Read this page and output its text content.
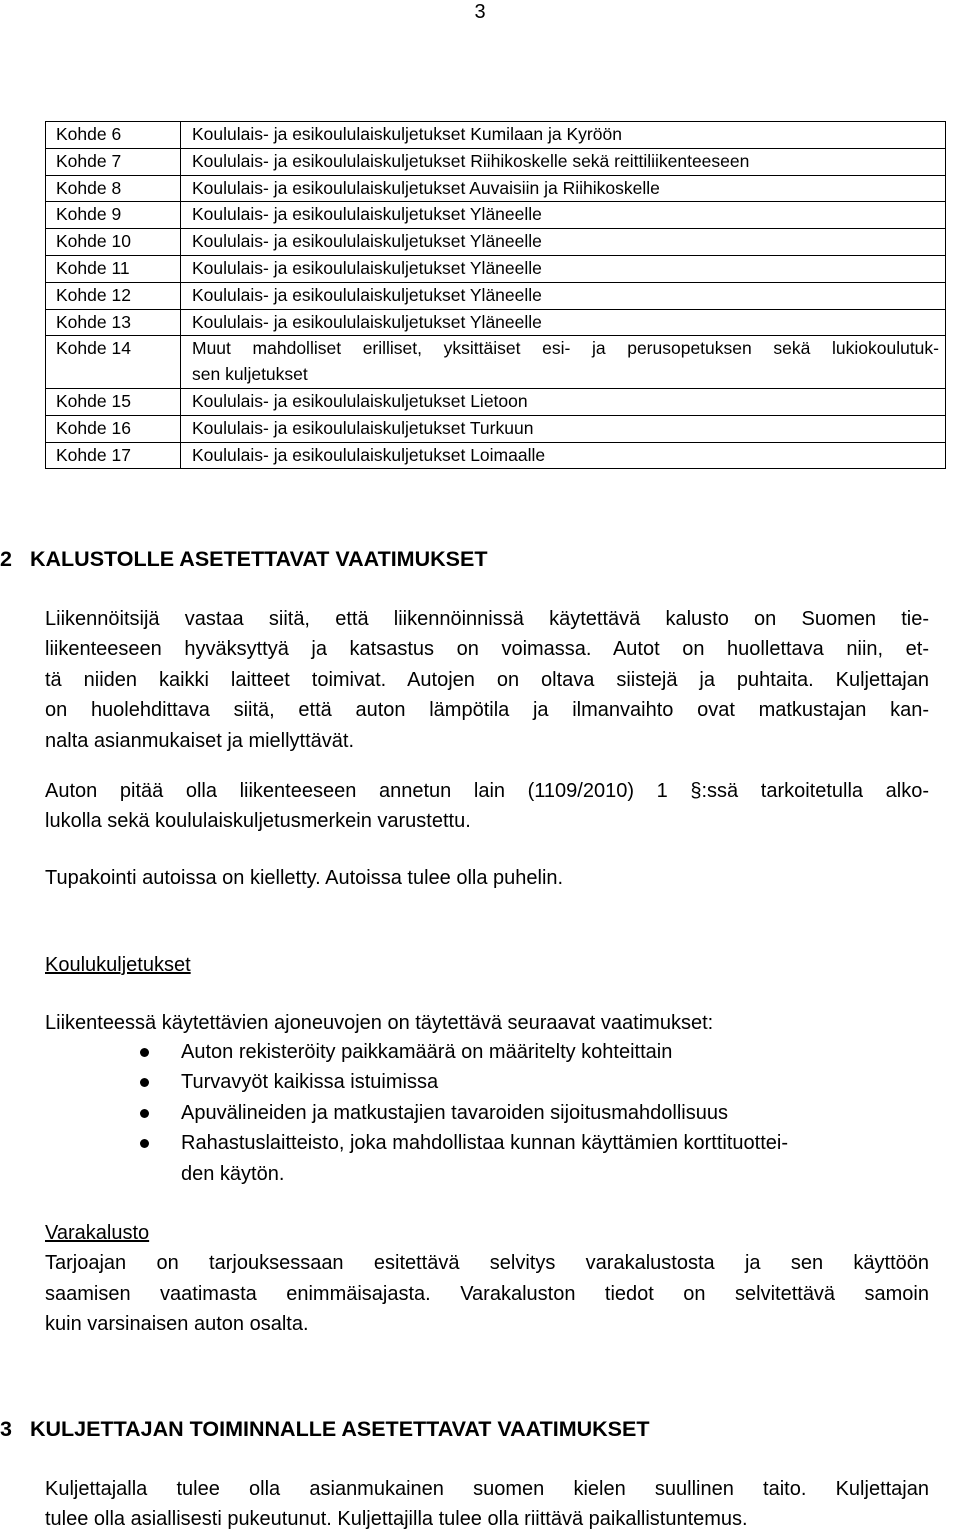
3
Kohde 6	Koululais- ja esikoululaiskuljetukset Kumilaan ja Kyröön

Kohde 7	Koululais- ja esikoululaiskuljetukset Riihikoskelle sekä reittiliikenteeseen

Kohde 8	Koululais- ja esikoululaiskuljetukset Auvaisiin ja Riihikoskelle

Kohde 9	Koululais- ja esikoululaiskuljetukset Yläneelle

Kohde 10	Koululais- ja esikoululaiskuljetukset Yläneelle

Kohde 11	Koululais- ja esikoululaiskuljetukset Yläneelle

Kohde 12	Koululais- ja esikoululaiskuljetukset Yläneelle

Kohde 13	Koululais- ja esikoululaiskuljetukset Yläneelle

Kohde 14	Muut mahdolliset erilliset, yksittäiset esi- ja perusopetuksen sekä lukiokoulutuk-
sen kuljetukset

Kohde 15	Koululais- ja esikoululaiskuljetukset Lietoon

Kohde 16	Koululais- ja esikoululaiskuljetukset Turkuun

Kohde 17	Koululais- ja esikoululaiskuljetukset Loimaalle
2 KALUSTOLLE ASETETTAVAT VAATIMUKSET
Liikennöitsijä vastaa siitä, että liikennöinnissä käytettävä kalusto on Suomen tie-
liikenteeseen hyväksyttyä ja katsastus on voimassa. Autot on huollettava niin, et-
tä niiden kaikki laitteet toimivat. Autojen on oltava siistejä ja puhtaita. Kuljettajan
on huolehdittava siitä, että auton lämpötila ja ilmanvaihto ovat matkustajan kan-
nalta asianmukaiset ja miellyttävät.
Auton pitää olla liikenteeseen annetun lain (1109/2010) 1 §:ssä tarkoitetulla alko-
lukolla sekä koululaiskuljetusmerkein varustettu.
Tupakointi autoissa on kielletty. Autoissa tulee olla puhelin.
Koulukuljetukset
Liikenteessä käytettävien ajoneuvojen on täytettävä seuraavat vaatimukset:
Auton rekisteröity paikkamäärä on määritelty kohteittain
Turvavyöt kaikissa istuimissa
Apuvälineiden ja matkustajien tavaroiden sijoitusmahdollisuus
Rahastuslaitteisto, joka mahdollistaa kunnan käyttämien korttituottei-
den käytön.
Varakalusto
Tarjoajan on tarjouksessaan esitettävä selvitys varakalustosta ja sen käyttöön
saamisen vaatimasta enimmäisajasta. Varakaluston tiedot on selvitettävä samoin
kuin varsinaisen auton osalta.
3 KULJETTAJAN TOIMINNALLE ASETETTAVAT VAATIMUKSET
Kuljettajalla tulee olla asianmukainen suomen kielen suullinen taito. Kuljettajan
tulee olla asiallisesti pukeutunut. Kuljettajilla tulee olla riittävä paikallistuntemus.
